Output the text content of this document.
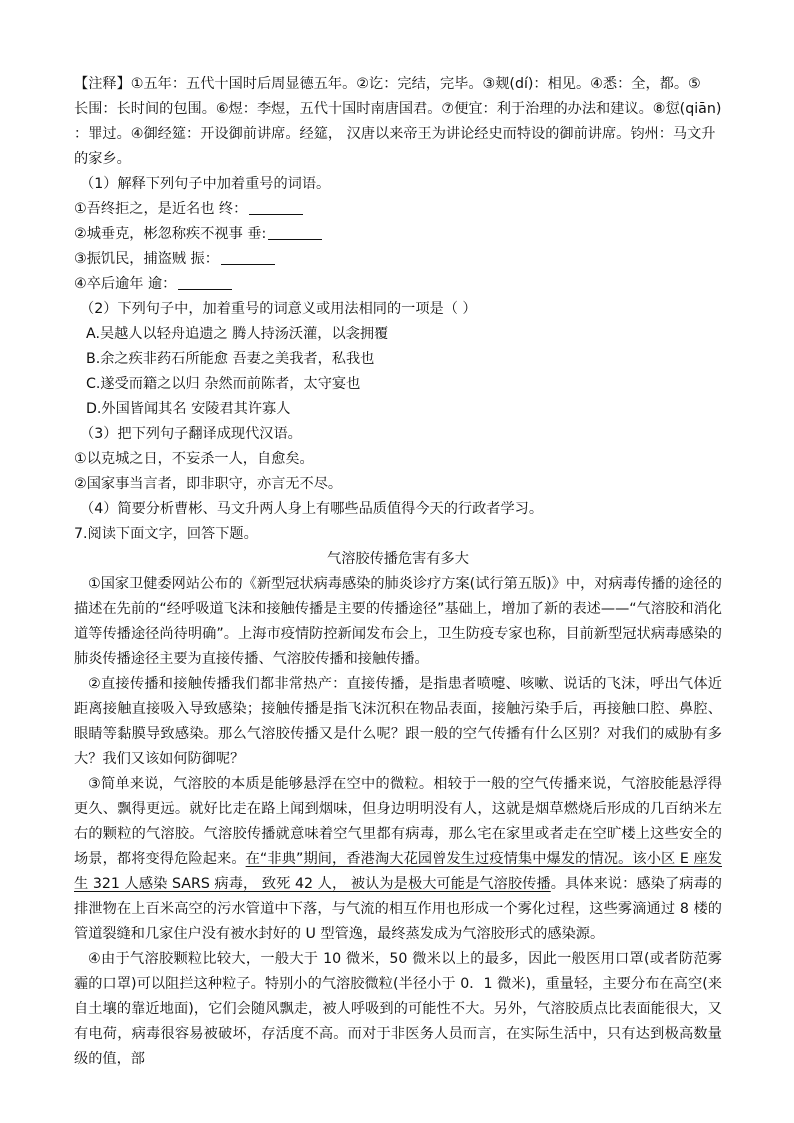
【注释】①五年：五代十国时后周显德五年。②讫：完结，完毕。③觌(dí)：相见。④悉：全，都。⑤

长围：长时间的包围。⑥煜：李煜，五代十国时南唐国君。⑦便宜：利于治理的办法和建议。⑧愆(qiān)

：罪过。④御经筵：开设御前讲席。经筵， 汉唐以来帝王为讲论经史而特设的御前讲席。钧州：马文升

的家乡。

（1）解释下列句子中加着重号的词语。

①吾终拒之，是近名也 终：

②城垂克，彬忽称疾不视事 垂:

③振饥民，捕盗贼 振：

④卒后逾年 逾：

（2）下列句子中，加着重号的词意义或用法相同的一项是（ ）

A.吴越人以轻舟追遗之 腾人持汤沃灌，以衾拥覆

B.余之疾非药石所能愈 吾妻之美我者，私我也

C.遂受而籍之以归 杂然而前陈者，太守宴也

D.外国皆闻其名 安陵君其许寡人

（3）把下列句子翻译成现代汉语。

①以克城之日，不妄杀一人，自愈矣。

②国家事当言者，即非职守，亦言无不尽。

（4）简要分析曹彬、马文升两人身上有哪些品质值得今天的行政者学习。

7.阅读下面文字，回答下题。

气溶胶传播危害有多大

①国家卫健委网站公布的《新型冠状病毒感染的肺炎诊疗方案(试行第五版)》中，对病毒传播的途径的描述在先前的“经呼吸道飞沫和接触传播是主要的传播途径”基础上，增加了新的表述——“气溶胶和消化道等传播途径尚待明确”。上海市疫情防控新闻发布会上，卫生防疫专家也称，目前新型冠状病毒感染的肺炎传播途径主要为直接传播、气溶胶传播和接触传播。

②直接传播和接触传播我们都非常热产：直接传播，是指患者喷嚏、咳嗽、说话的飞沫，呼出气体近距离接触直接吸入导致感染；接触传播是指飞沫沉积在物品表面，接触污染手后，再接触口腔、鼻腔、眼睛等黏膜导致感染。那么气溶胶传播又是什么呢？跟一般的空气传播有什么区别？对我们的威胁有多大？我们又该如何防御呢？

③简单来说，气溶胶的本质是能够悬浮在空中的微粒。相较于一般的空气传播来说，气溶胶能悬浮得更久、飘得更远。就好比走在路上闻到烟味，但身边明明没有人，这就是烟草燃烧后形成的几百纳米左右的颗粒的气溶胶。气溶胶传播就意味着空气里都有病毒，那么宅在家里或者走在空旷楼上这些安全的场景，都将变得危险起来。在“非典”期间，香港淘大花园曾发生过疫情集中爆发的情况。该小区 E 座发生 321 人感染 SARS 病毒， 致死 42 人， 被认为是极大可能是气溶胶传播。具体来说：感染了病毒的排泄物在上百米高空的污水管道中下落，与气流的相互作用也形成一个雾化过程，这些雾滴通过 8 楼的管道裂缝和几家住户没有被水封好的 U 型管逸，最终蒸发成为气溶胶形式的感染源。

④由于气溶胶颗粒比较大，一般大于 10 微米，50 微米以上的最多，因此一般医用口罩(或者防范雾霾的口罩)可以阻拦这种粒子。特别小的气溶胶微粒(半径小于 0．1 微米)，重量轻，主要分布在高空(来自土壤的靠近地面)，它们会随风飘走，被人呼吸到的可能性不大。另外，气溶胶质点比表面能很大，又有电荷，病毒很容易被破坏，存活度不高。而对于非医务人员而言，在实际生活中，只有达到极高数量级的值，部
